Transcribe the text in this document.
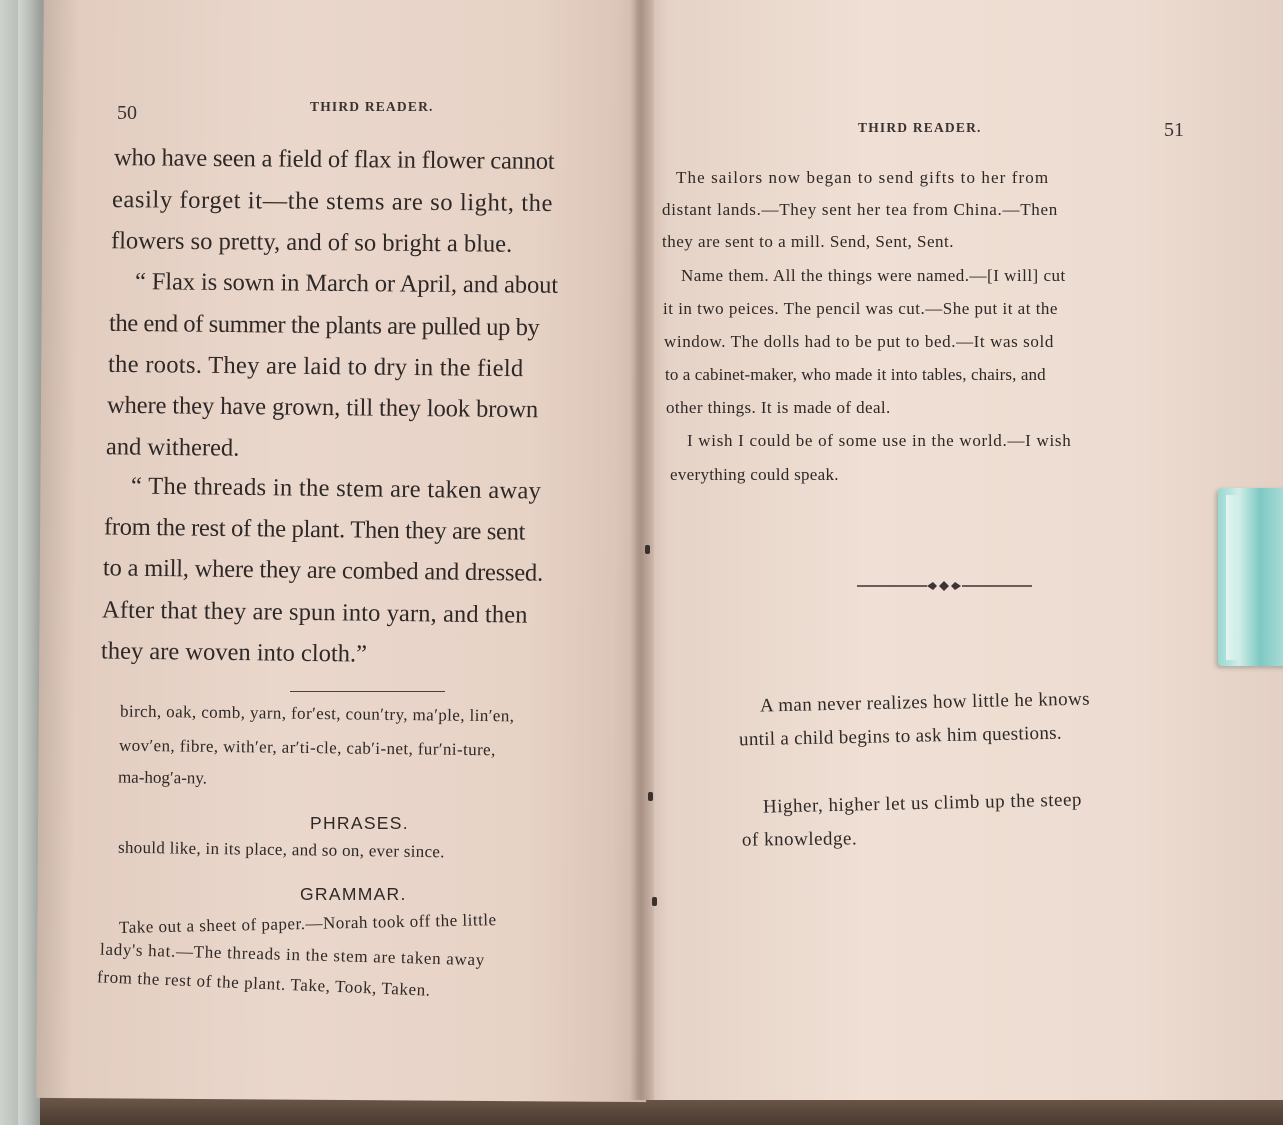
50	THIRD READER.

who have seen a field of flax in flower cannot

easily forget it—the stems are so light, the

flowers so pretty, and of so bright a blue.

“ Flax is sown in March or April, and about

the end of summer the plants are pulled up by

the roots. They are laid to dry in the field

where they have grown, till they look brown

and withered.

“ The threads in the stem are taken away

from the rest of the plant. Then they are sent

to a mill, where they are combed and dressed.

After that they are spun into yarn, and then

they are woven into cloth.”

birch, oak, comb, yarn, for′est, coun′try, ma′ple, lin′en,

wov′en, fibre, with′er, ar′ti-cle, cab′i-net, fur′ni-ture,

ma-hog′a-ny.

PHRASES.

should like, in its place, and so on, ever since.

GRAMMAR.

Take out a sheet of paper.—Norah took off the little

lady's hat.—The threads in the stem are taken away

from the rest of the plant. Take, Took, Taken.

THIRD READER.	51

The sailors now began to send gifts to her from

distant lands.—They sent her tea from China.—Then

they are sent to a mill. Send, Sent, Sent.

Name them. All the things were named.—[I will] cut

it in two peices. The pencil was cut.—She put it at the

window. The dolls had to be put to bed.—It was sold

to a cabinet-maker, who made it into tables, chairs, and

other things. It is made of deal.

I wish I could be of some use in the world.—I wish

everything could speak.

A man never realizes how little he knows

until a child begins to ask him questions.

Higher, higher let us climb up the steep

of knowledge.
